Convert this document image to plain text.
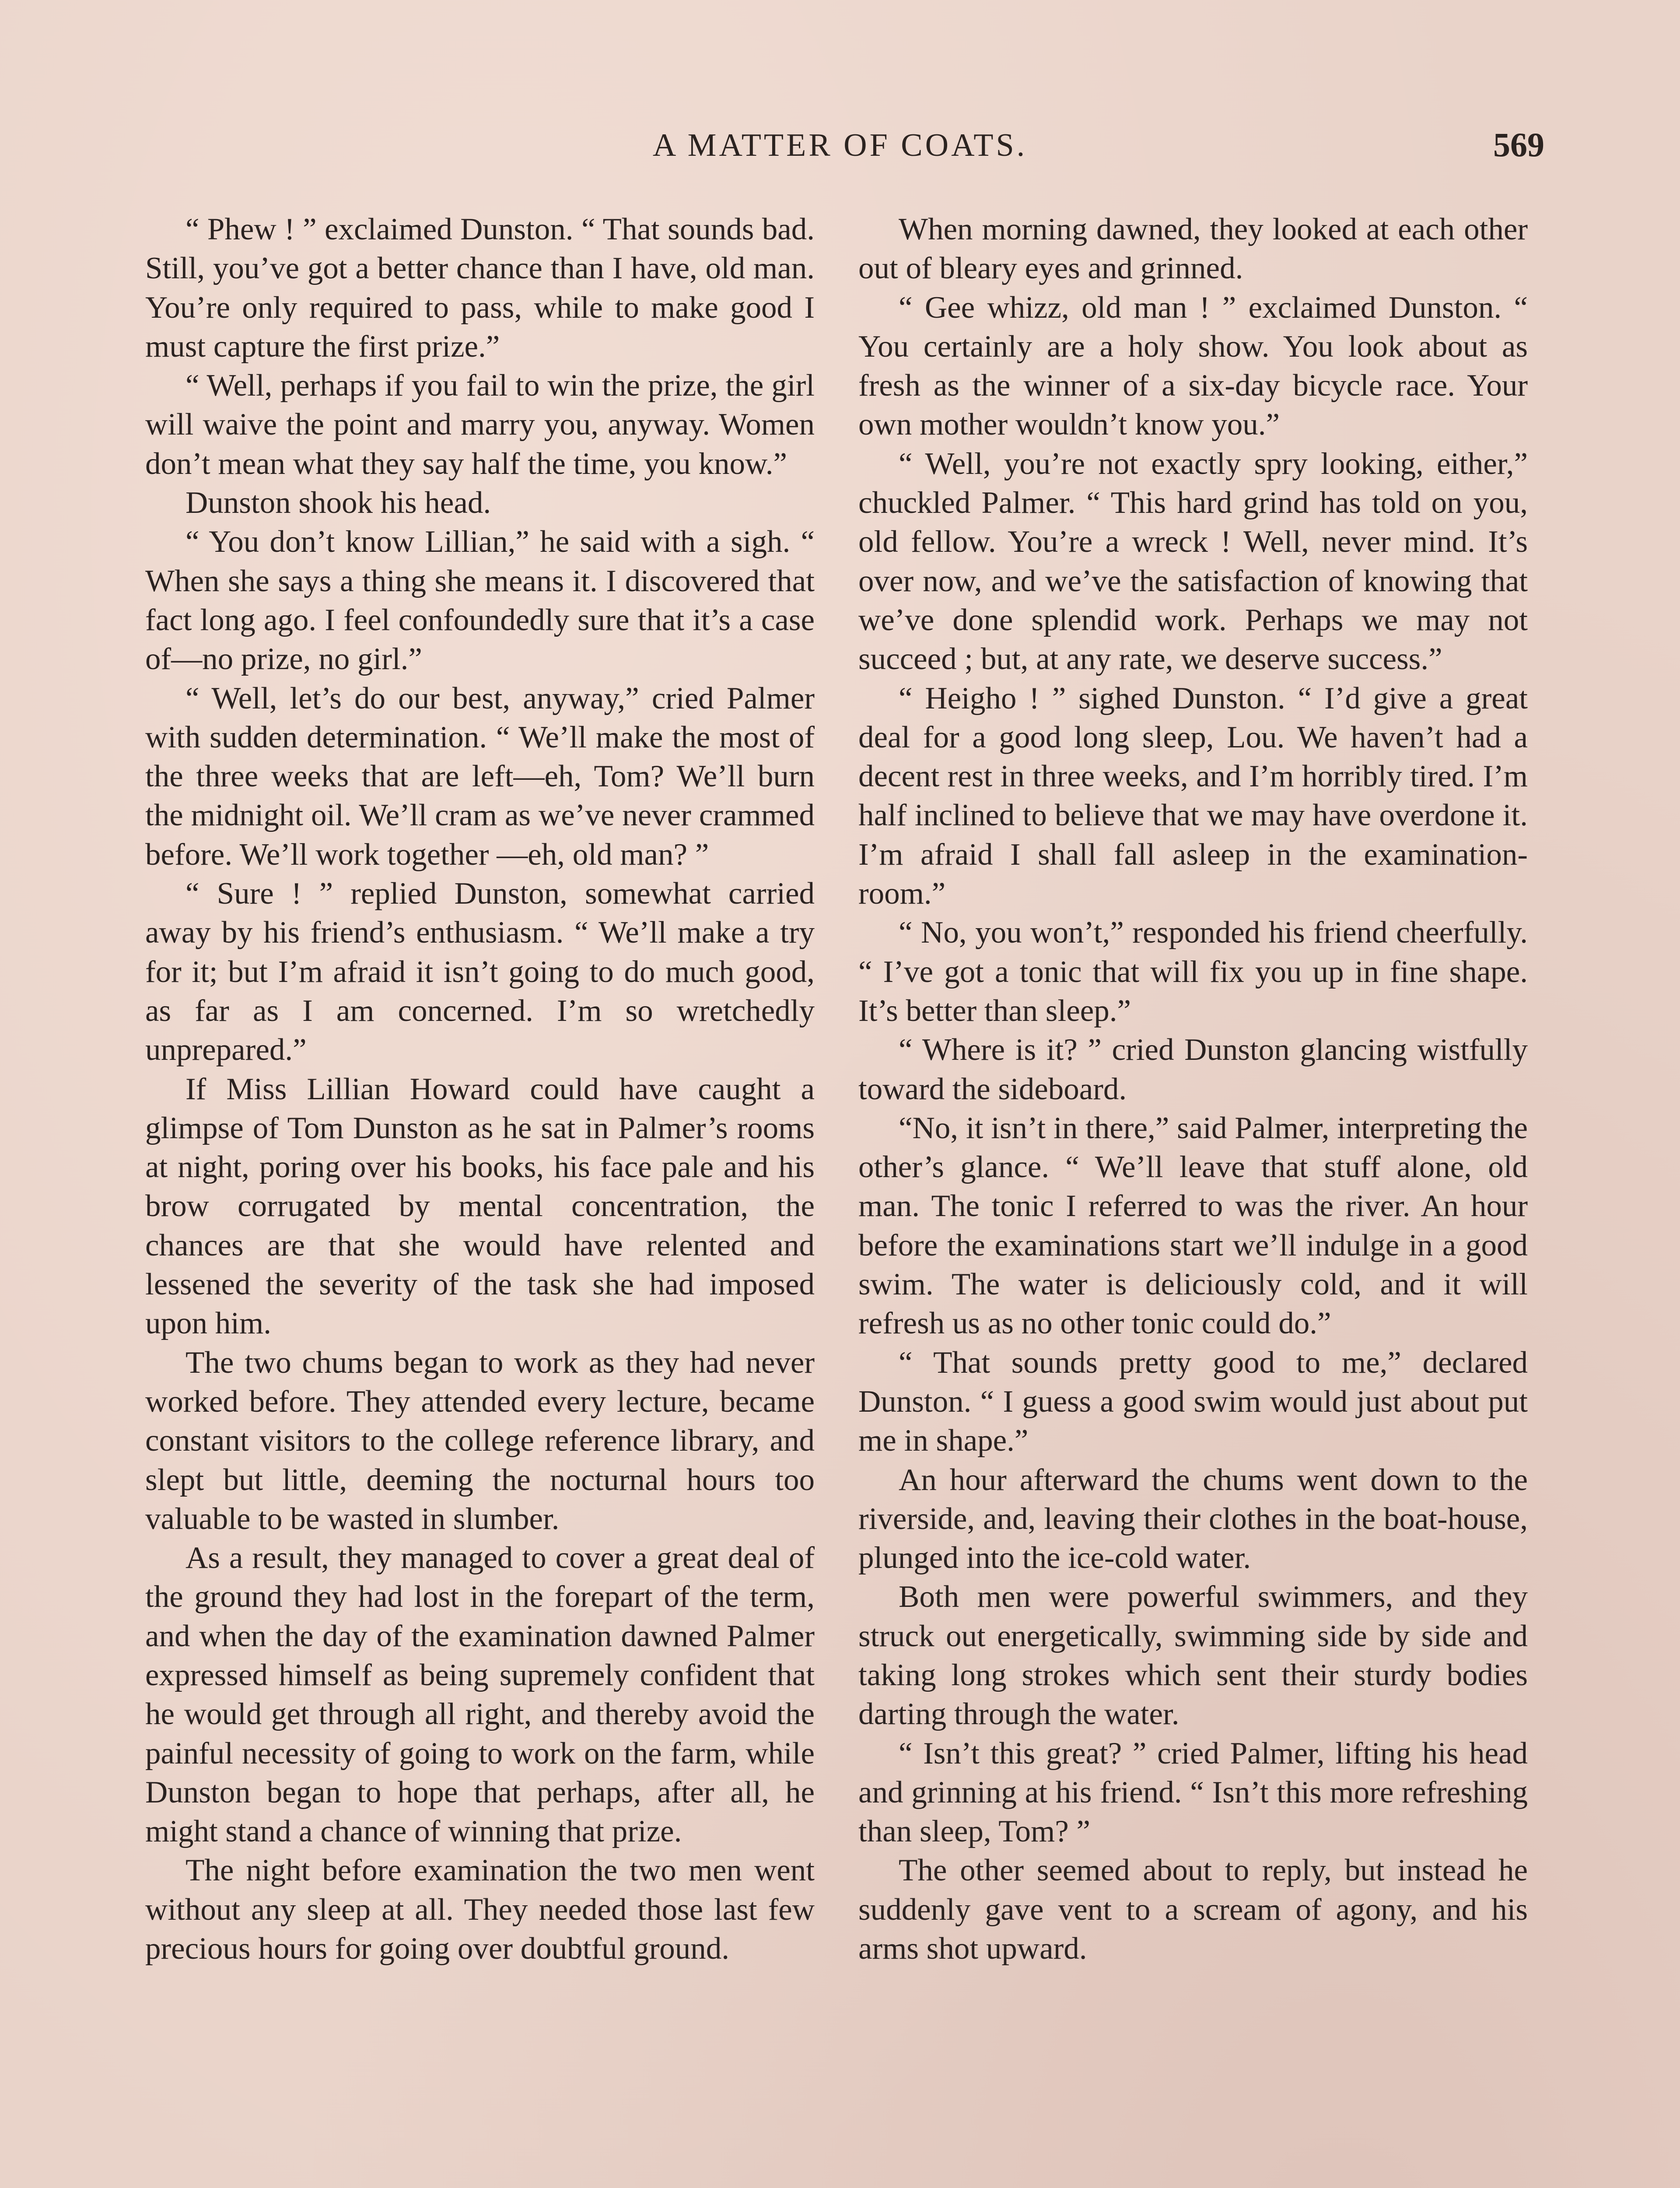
A MATTER OF COATS.	569

“ Phew ! ” exclaimed Dunston. “ That sounds bad. Still, you’ve got a better chance than I have, old man. You’re only required to pass, while to make good I must capture the first prize.”

“ Well, perhaps if you fail to win the prize, the girl will waive the point and marry you, anyway. Women don’t mean what they say half the time, you know.”

Dunston shook his head.

“ You don’t know Lillian,” he said with a sigh. “ When she says a thing she means it. I discovered that fact long ago. I feel confoundedly sure that it’s a case of—no prize, no girl.”

“ Well, let’s do our best, anyway,” cried Palmer with sudden determination. “ We’ll make the most of the three weeks that are left—eh, Tom? We’ll burn the midnight oil. We’ll cram as we’ve never crammed before. We’ll work together —eh, old man? ”

“ Sure ! ” replied Dunston, somewhat carried away by his friend’s enthusiasm. “ We’ll make a try for it; but I’m afraid it isn’t going to do much good, as far as I am concerned. I’m so wretchedly unprepared.”

If Miss Lillian Howard could have caught a glimpse of Tom Dunston as he sat in Palmer’s rooms at night, poring over his books, his face pale and his brow corrugated by mental concentration, the chances are that she would have relented and lessened the severity of the task she had imposed upon him.

The two chums began to work as they had never worked before. They attended every lecture, became constant visitors to the college reference library, and slept but little, deeming the nocturnal hours too valuable to be wasted in slumber.

As a result, they managed to cover a great deal of the ground they had lost in the forepart of the term, and when the day of the examination dawned Palmer expressed himself as being supremely confident that he would get through all right, and thereby avoid the painful necessity of going to work on the farm, while Dunston began to hope that perhaps, after all, he might stand a chance of winning that prize.

The night before examination the two men went without any sleep at all. They needed those last few precious hours for going over doubtful ground.

When morning dawned, they looked at each other out of bleary eyes and grinned.

“ Gee whizz, old man ! ” exclaimed Dunston. “ You certainly are a holy show. You look about as fresh as the winner of a six-day bicycle race. Your own mother wouldn’t know you.”

“ Well, you’re not exactly spry looking, either,” chuckled Palmer. “ This hard grind has told on you, old fellow. You’re a wreck ! Well, never mind. It’s over now, and we’ve the satisfaction of knowing that we’ve done splendid work. Perhaps we may not succeed ; but, at any rate, we deserve success.”

“ Heigho ! ” sighed Dunston. “ I’d give a great deal for a good long sleep, Lou. We haven’t had a decent rest in three weeks, and I’m horribly tired. I’m half inclined to believe that we may have overdone it. I’m afraid I shall fall asleep in the examination-room.”

“ No, you won’t,” responded his friend cheerfully. “ I’ve got a tonic that will fix you up in fine shape. It’s better than sleep.”

“ Where is it? ” cried Dunston glancing wistfully toward the sideboard.

“No, it isn’t in there,” said Palmer, interpreting the other’s glance. “ We’ll leave that stuff alone, old man. The tonic I referred to was the river. An hour before the examinations start we’ll indulge in a good swim. The water is deliciously cold, and it will refresh us as no other tonic could do.”

“ That sounds pretty good to me,” declared Dunston. “ I guess a good swim would just about put me in shape.”

An hour afterward the chums went down to the riverside, and, leaving their clothes in the boat-house, plunged into the ice-cold water.

Both men were powerful swimmers, and they struck out energetically, swimming side by side and taking long strokes which sent their sturdy bodies darting through the water.

“ Isn’t this great? ” cried Palmer, lifting his head and grinning at his friend. “ Isn’t this more refreshing than sleep, Tom? ”

The other seemed about to reply, but instead he suddenly gave vent to a scream of agony, and his arms shot upward.
